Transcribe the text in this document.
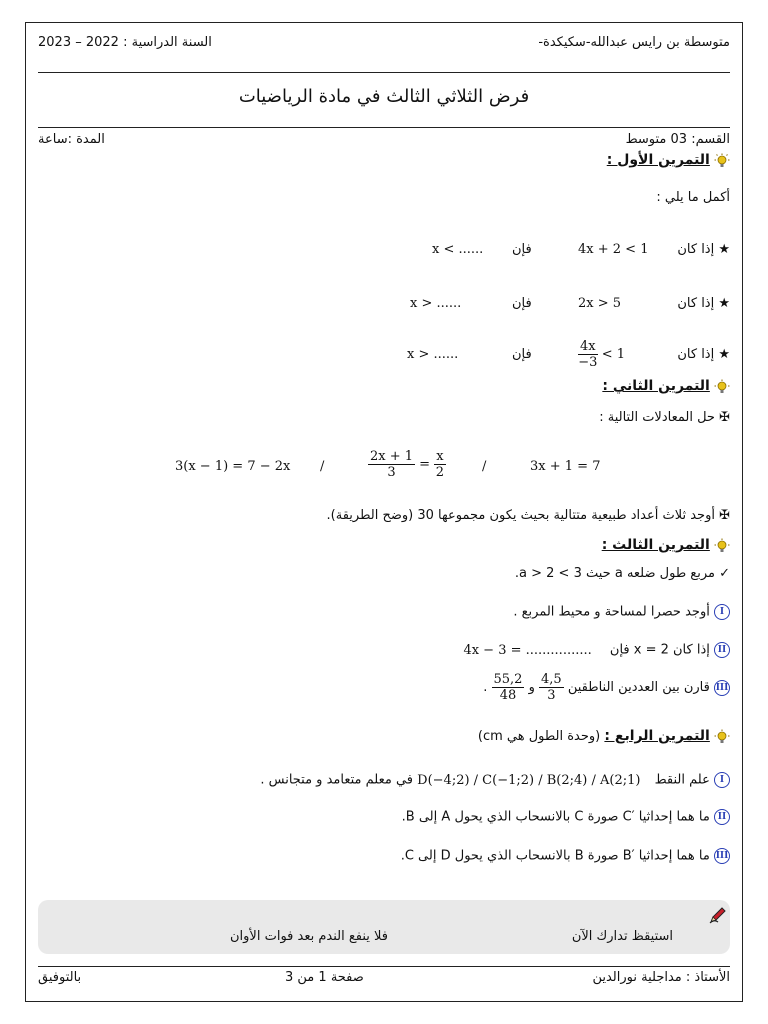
متوسطة بن رايس عبدالله-سكيكدة-
السنة الدراسية : 2022 – 2023
فرض الثلاثي الثالث في مادة الرياضيات
القسم: 03 متوسط
المدة :ساعة
التمرين الأول :
أكمل ما يلي :
★ إذا كان
4x + 2 < 1
فإن
x < ......
★ إذا كان
2x > 5
فإن
x > ......
★ إذا كان
$\frac{4x}{-3} < 1$
فإن
x > ......
التمرين الثاني :
✠ حل المعادلات التالية :
3x + 1 = 7
/
$\frac{2x + 1}{3} = \frac{x}{2}$
/
3(x − 1) = 7 − 2x
✠ أوجد ثلاث أعداد طبيعية متتالية بحيث يكون مجموعها 30 (وضح الطريقة).
التمرين الثالث :
✓ مربع طول ضلعه a حيث 3 > a > 2.
I أوجد حصرا لمساحة و محيط المربع .
II إذا كان x = 2 فإن 4x − 3 = ................
III قارن بين العددين الناطقين
$\frac{4,5}{3}$
و
$\frac{55,2}{48}$
.
التمرين الرابع : (وحدة الطول هي cm)
I علم النقط D(−4;2) / C(−1;2) / B(2;4) / A(2;1) في معلم متعامد و متجانس .
II ما هما إحداثيا ′C صورة C بالانسحاب الذي يحول A إلى B.
III ما هما إحداثيا ′B صورة B بالانسحاب الذي يحول D إلى C.
استيقظ تدارك الآن
فلا ينفع الندم بعد فوات الأوان
الأستاذ : مداجلية نورالدين
صفحة 1 من 3
بالتوفيق
